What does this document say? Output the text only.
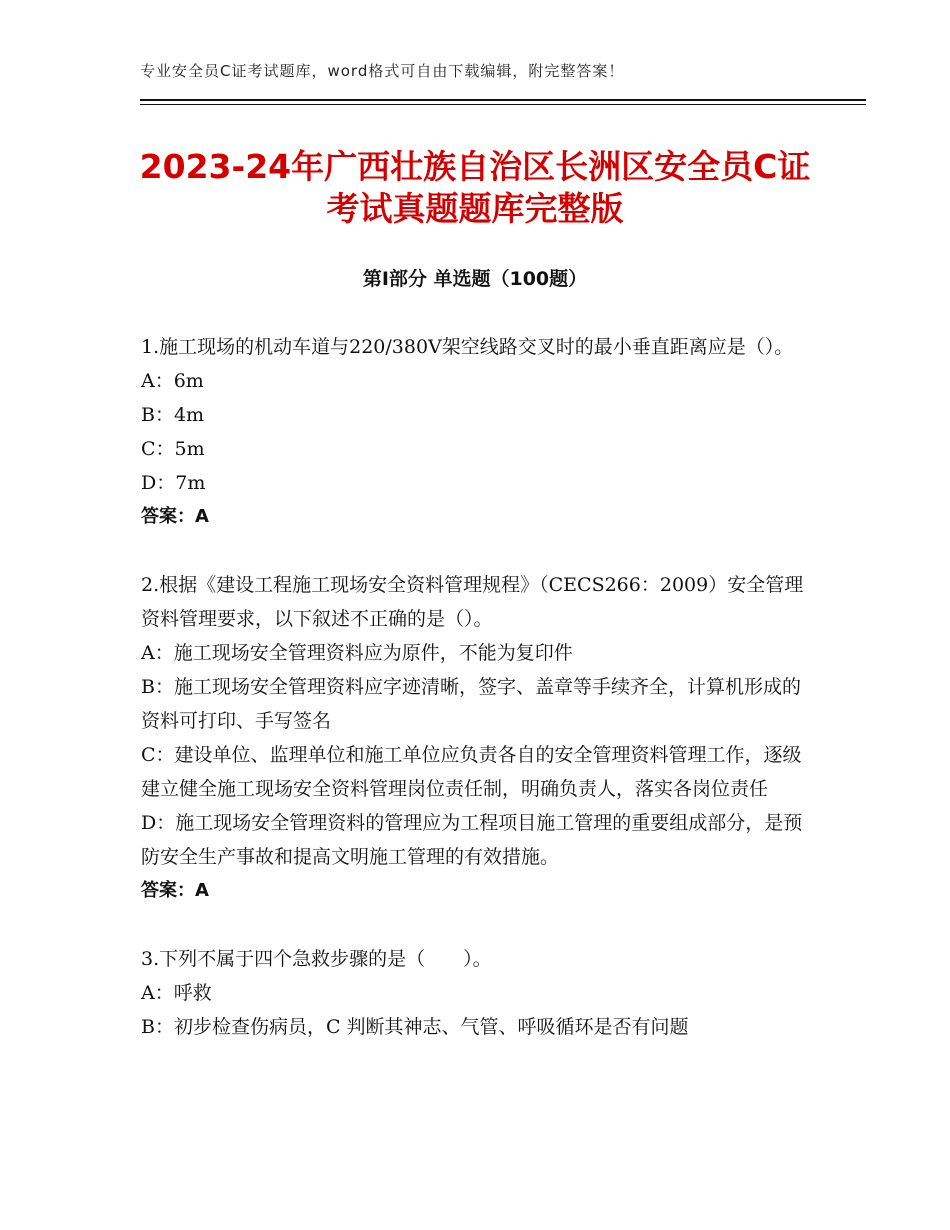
专业安全员C证考试题库，word格式可自由下载编辑，附完整答案！
2023-24年广西壮族自治区长洲区安全员C证
考试真题题库完整版
第I部分 单选题（100题）
1.施工现场的机动车道与220/380V架空线路交叉时的最小垂直距离应是（）。
A：6m
B：4m
C：5m
D：7m
答案：A
2.根据《建设工程施工现场安全资料管理规程》（CECS266：2009）安全管理资料管理要求，以下叙述不正确的是（）。
A：施工现场安全管理资料应为原件，不能为复印件
B：施工现场安全管理资料应字迹清晰，签字、盖章等手续齐全，计算机形成的资料可打印、手写签名
C：建设单位、监理单位和施工单位应负责各自的安全管理资料管理工作，逐级建立健全施工现场安全资料管理岗位责任制，明确负责人，落实各岗位责任
D：施工现场安全管理资料的管理应为工程项目施工管理的重要组成部分，是预防安全生产事故和提高文明施工管理的有效措施。
答案：A
3.下列不属于四个急救步骤的是（　　）。
A：呼救
B：初步检查伤病员，C 判断其神志、气管、呼吸循环是否有问题
